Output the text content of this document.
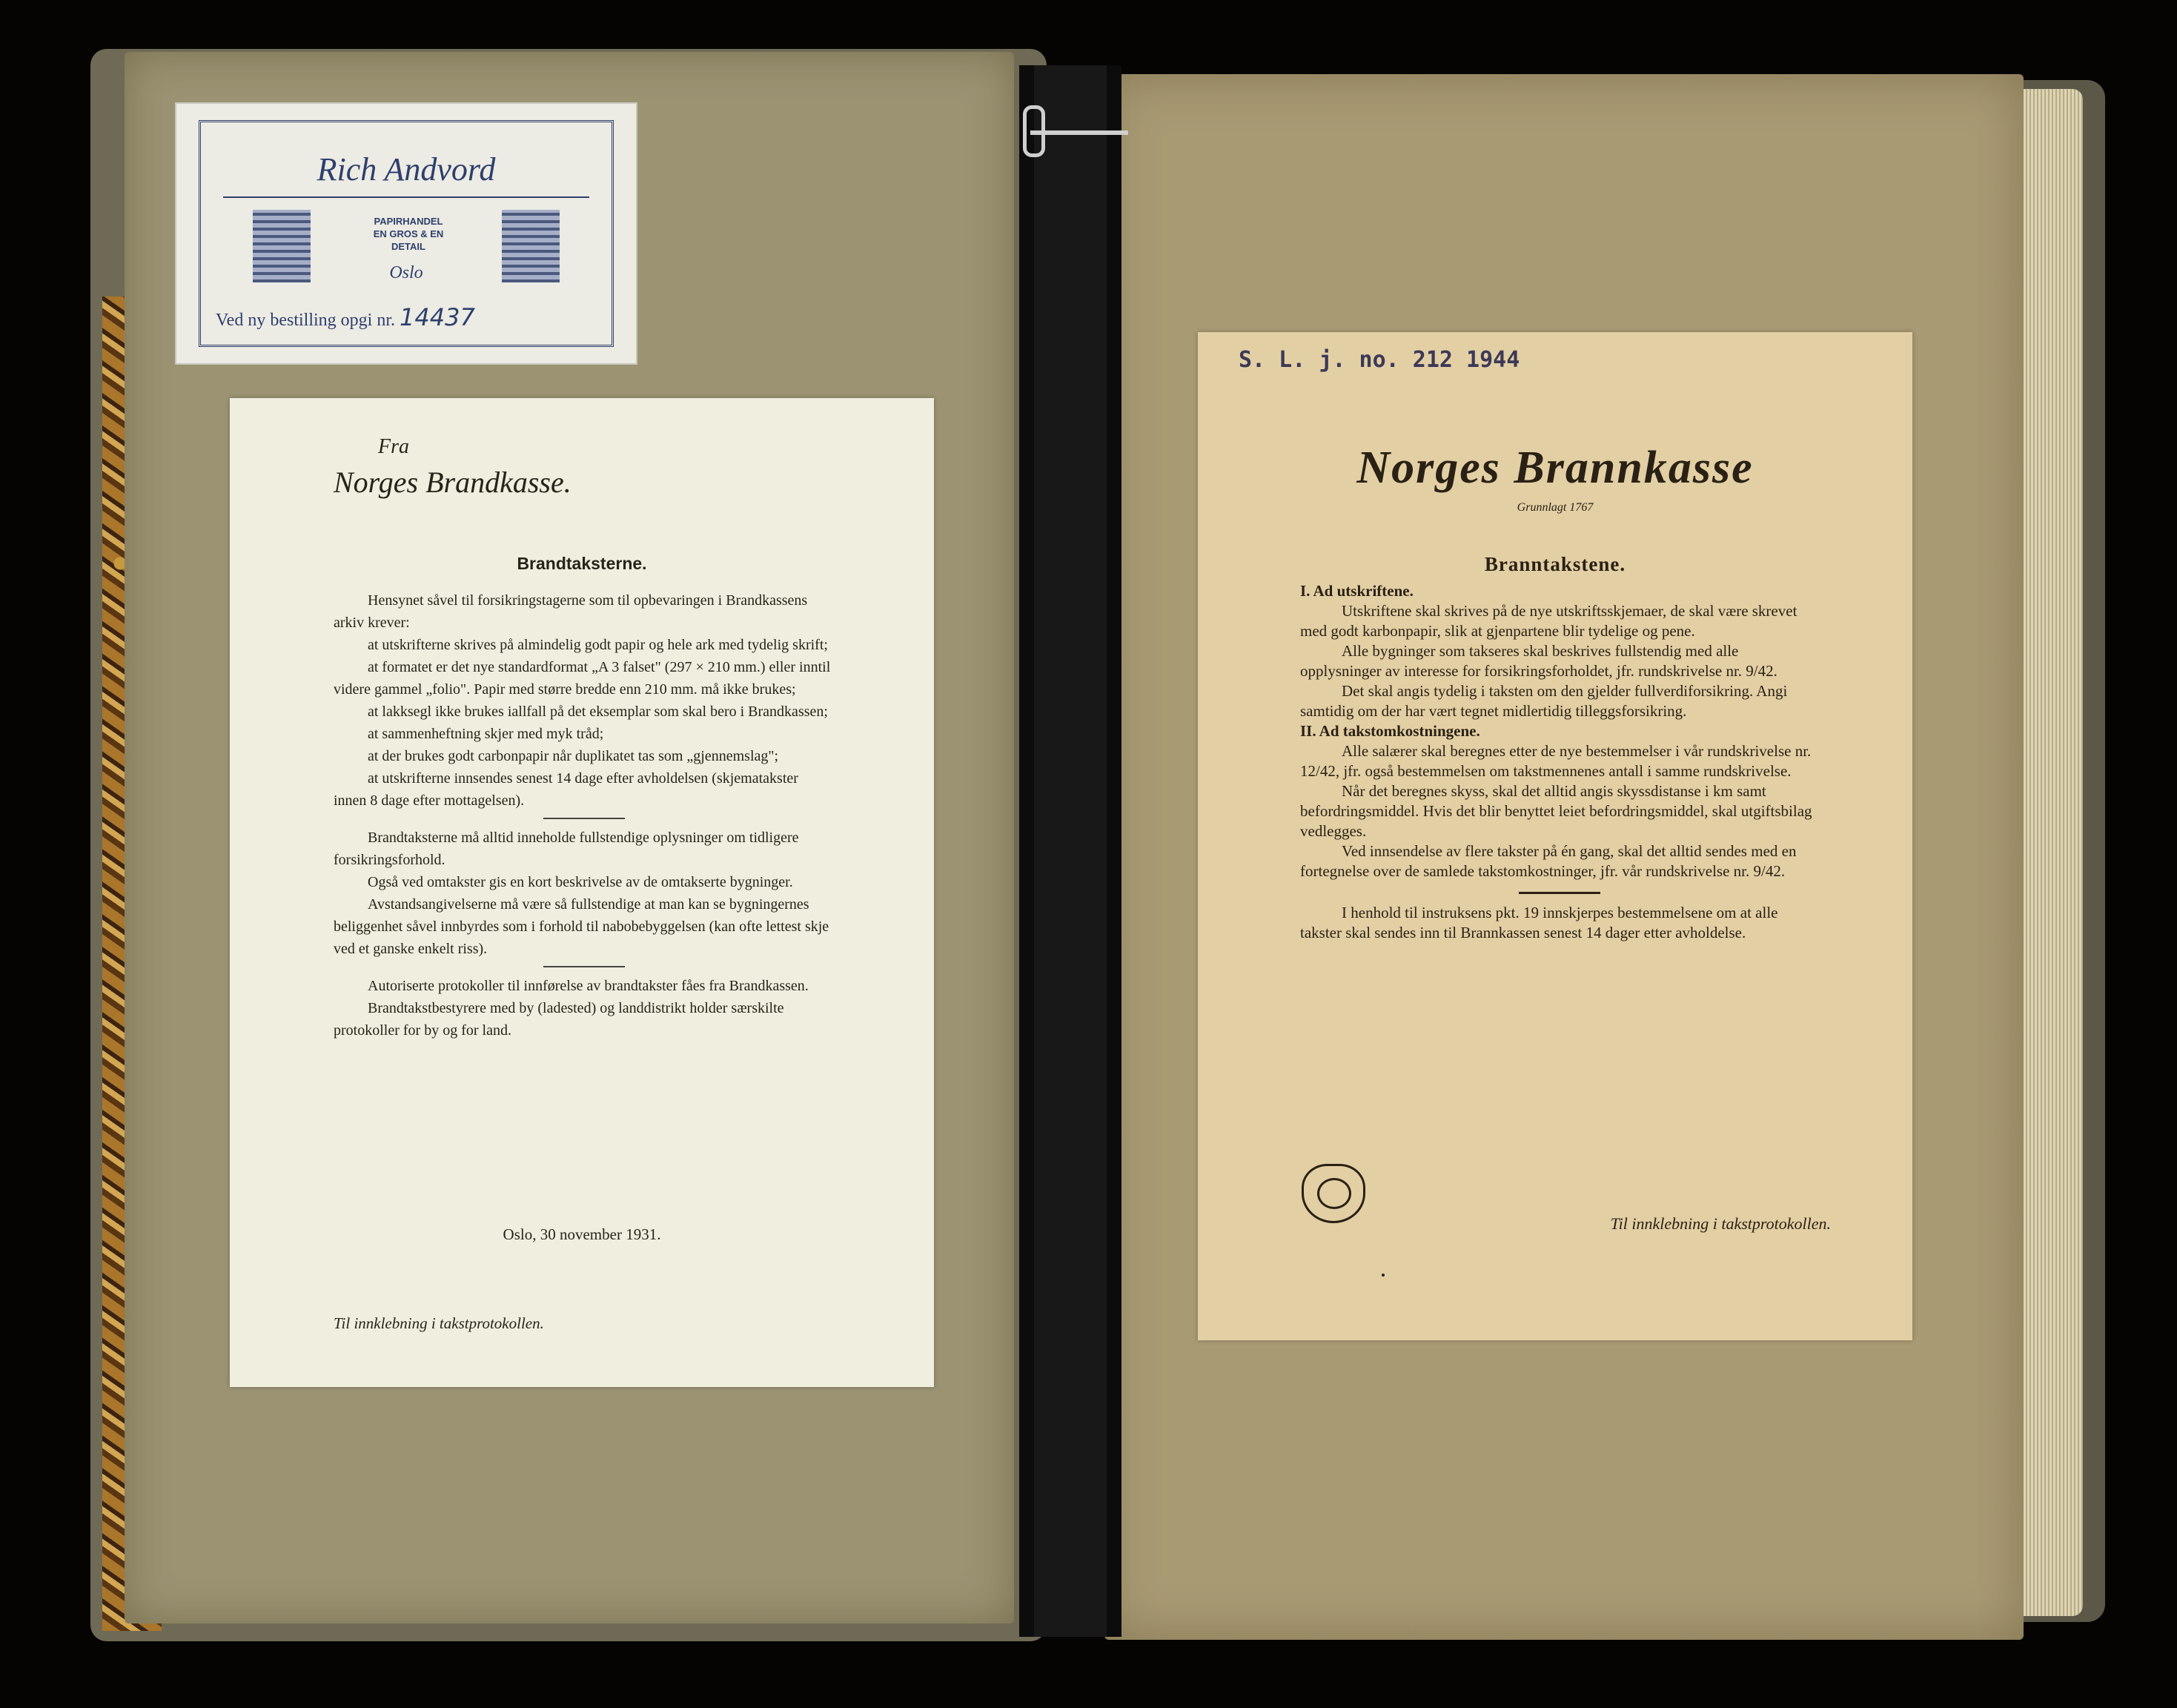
Rich Andvord
PAPIRHANDEL
EN GROS & EN DETAIL
Oslo
Ved ny bestilling opgi nr. 14437
Fra
Norges Brandkasse.
Brandtaksterne.

Hensynet såvel til forsikringstagerne som til opbevaringen i Brandkassens arkiv krever:

at utskrifterne skrives på almindelig godt papir og hele ark med tydelig skrift;

at formatet er det nye standardformat „A 3 falset" (297 × 210 mm.) eller inntil videre gammel „folio". Papir med større bredde enn 210 mm. må ikke brukes;

at lakksegl ikke brukes iallfall på det eksemplar som skal bero i Brandkassen;

at sammenheftning skjer med myk tråd;

at der brukes godt carbonpapir når duplikatet tas som „gjennemslag";

at utskrifterne innsendes senest 14 dage efter avholdelsen (skjematakster innen 8 dage efter mottagelsen).

Brandtaksterne må alltid inneholde fullstendige oplysninger om tidligere forsikringsforhold.

Også ved omtakster gis en kort beskrivelse av de omtakserte bygninger.

Avstandsangivelserne må være så fullstendige at man kan se bygningernes beliggenhet såvel innbyrdes som i forhold til nabobebyggelsen (kan ofte lettest skje ved et ganske enkelt riss).

Autoriserte protokoller til innførelse av brandtakster fåes fra Brandkassen.

Brandtakstbestyrere med by (ladested) og landdistrikt holder særskilte protokoller for by og for land.

Oslo, 30 november 1931.
Til innklebning i takstprotokollen.
S. L. j. no. 212 1944
Norges Brannkasse
Grunnlagt 1767
Branntakstene.

I. Ad utskriftene.

Utskriftene skal skrives på de nye utskriftsskjemaer, de skal være skrevet med godt karbonpapir, slik at gjenpartene blir tydelige og pene.

Alle bygninger som takseres skal beskrives fullstendig med alle opplysninger av interesse for forsikringsforholdet, jfr. rundskrivelse nr. 9/42.

Det skal angis tydelig i taksten om den gjelder fullverdiforsikring. Angi samtidig om der har vært tegnet midlertidig tilleggsforsikring.

II. Ad takstomkostningene.

Alle salærer skal beregnes etter de nye bestemmelser i vår rundskrivelse nr. 12/42, jfr. også bestemmelsen om takstmennenes antall i samme rundskrivelse.

Når det beregnes skyss, skal det alltid angis skyssdistanse i km samt befordringsmiddel. Hvis det blir benyttet leiet befordringsmiddel, skal utgiftsbilag vedlegges.

Ved innsendelse av flere takster på én gang, skal det alltid sendes med en fortegnelse over de samlede takstomkostninger, jfr. vår rundskrivelse nr. 9/42.

I henhold til instruksens pkt. 19 innskjerpes bestemmelsene om at alle takster skal sendes inn til Brannkassen senest 14 dager etter avholdelse.

Til innklebning i takstprotokollen.
